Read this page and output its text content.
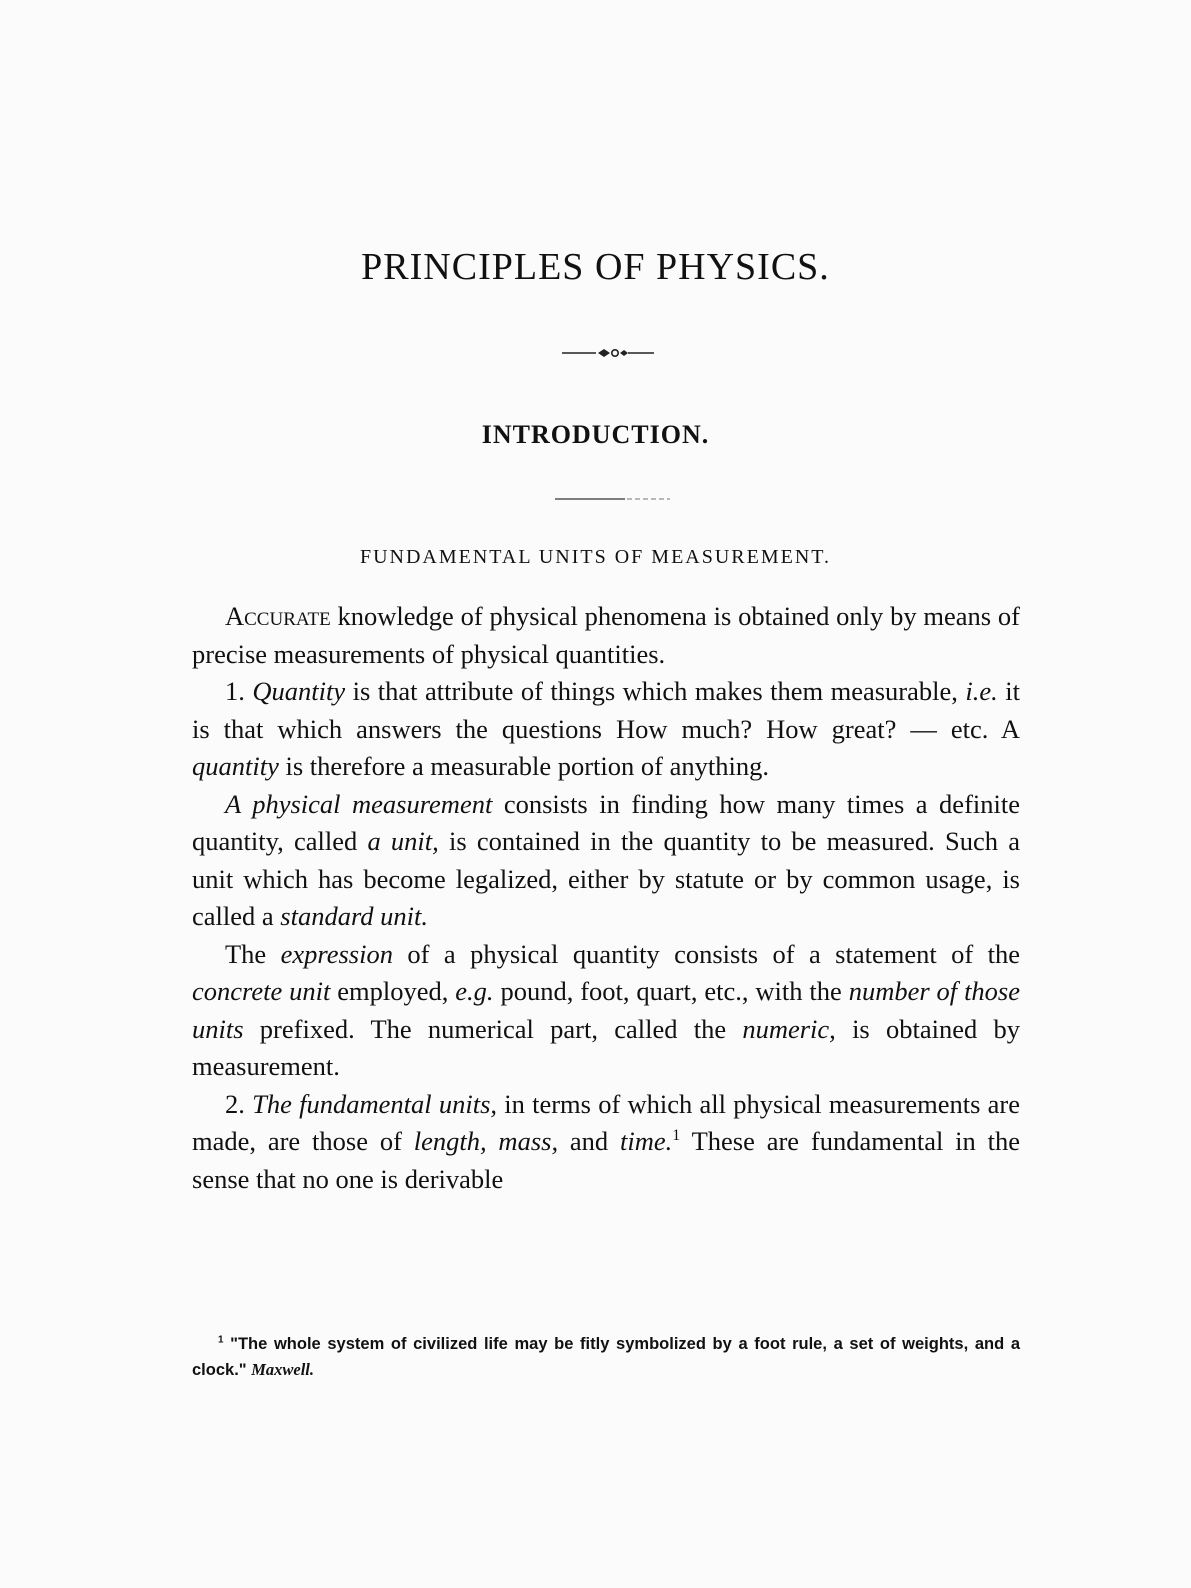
PRINCIPLES OF PHYSICS.
INTRODUCTION.
FUNDAMENTAL UNITS OF MEASUREMENT.

Accurate knowledge of physical phenomena is obtained only by means of precise measurements of physical quantities.

1. Quantity is that attribute of things which makes them measurable, i.e. it is that which answers the questions How much? How great? — etc. A quantity is therefore a measurable portion of anything.

A physical measurement consists in finding how many times a definite quantity, called a unit, is contained in the quantity to be measured. Such a unit which has become legalized, either by statute or by common usage, is called a standard unit.

The expression of a physical quantity consists of a statement of the concrete unit employed, e.g. pound, foot, quart, etc., with the number of those units prefixed. The numerical part, called the numeric, is obtained by measurement.

2. The fundamental units, in terms of which all physical measurements are made, are those of length, mass, and time.$^1$ These are fundamental in the sense that no one is derivable

$^1$ "The whole system of civilized life may be fitly symbolized by a foot rule, a set of weights, and a clock." Maxwell.
